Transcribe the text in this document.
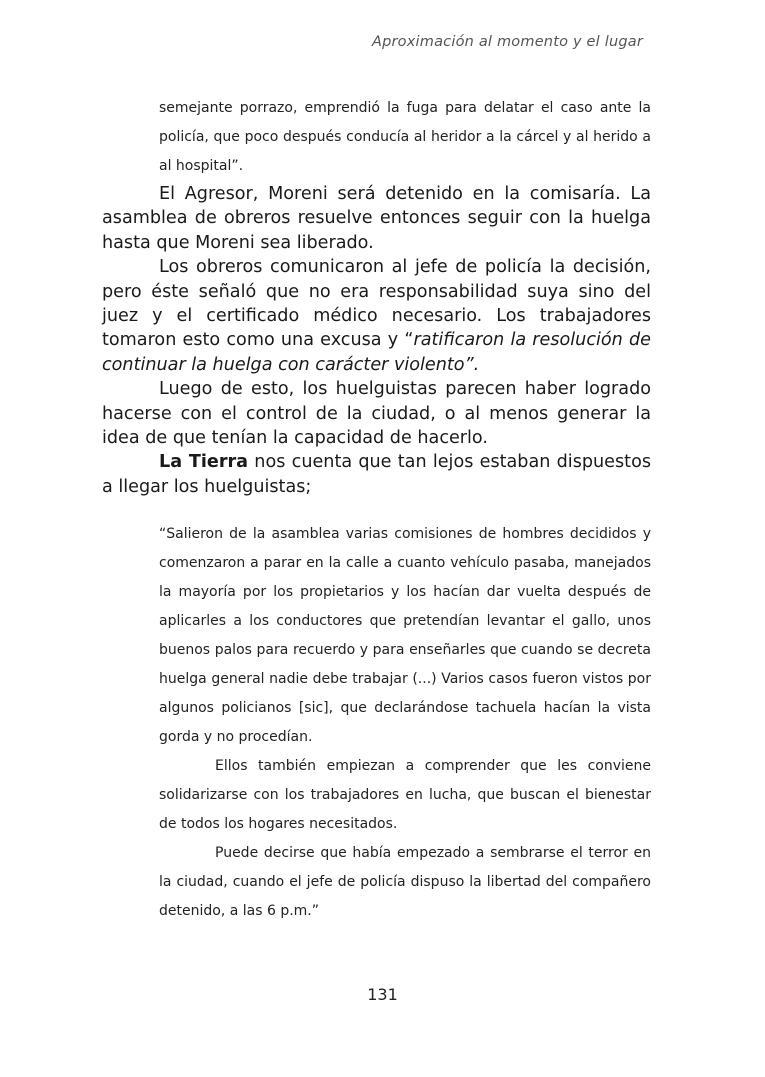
Aproximación al momento y el lugar

semejante porrazo, emprendió la fuga para delatar el caso ante la policía, que poco después conducía al heridor a la cárcel y al herido a al hospital”.

El Agresor, Moreni será detenido en la comisaría. La asamblea de obreros resuelve entonces seguir con la huelga hasta que Moreni sea liberado.

Los obreros comunicaron al jefe de policía la decisión, pero éste señaló que no era responsabilidad suya sino del juez y el certificado médico necesario. Los trabajadores tomaron esto como una excusa y “ratificaron la resolución de continuar la huelga con carácter violento”.

Luego de esto, los huelguistas parecen haber logrado hacerse con el control de la ciudad, o al menos generar la idea de que tenían la capacidad de hacerlo.

La Tierra nos cuenta que tan lejos estaban dispuestos a llegar los huelguistas;

“Salieron de la asamblea varias comisiones de hombres decididos y comenzaron a parar en la calle a cuanto vehículo pasaba, manejados la mayoría por los propietarios y los hacían dar vuelta después de aplicarles a los conductores que pretendían levantar el gallo, unos buenos palos para recuerdo y para enseñarles que cuando se decreta huelga general nadie debe trabajar (...) Varios casos fueron vistos por algunos policianos [sic], que declarándose tachuela hacían la vista gorda y no procedían.

Ellos también empiezan a comprender que les conviene solidarizarse con los trabajadores en lucha, que buscan el bienestar de todos los hogares necesitados.

Puede decirse que había empezado a sembrarse el terror en la ciudad, cuando el jefe de policía dispuso la libertad del compañero detenido, a las 6 p.m.”

131
